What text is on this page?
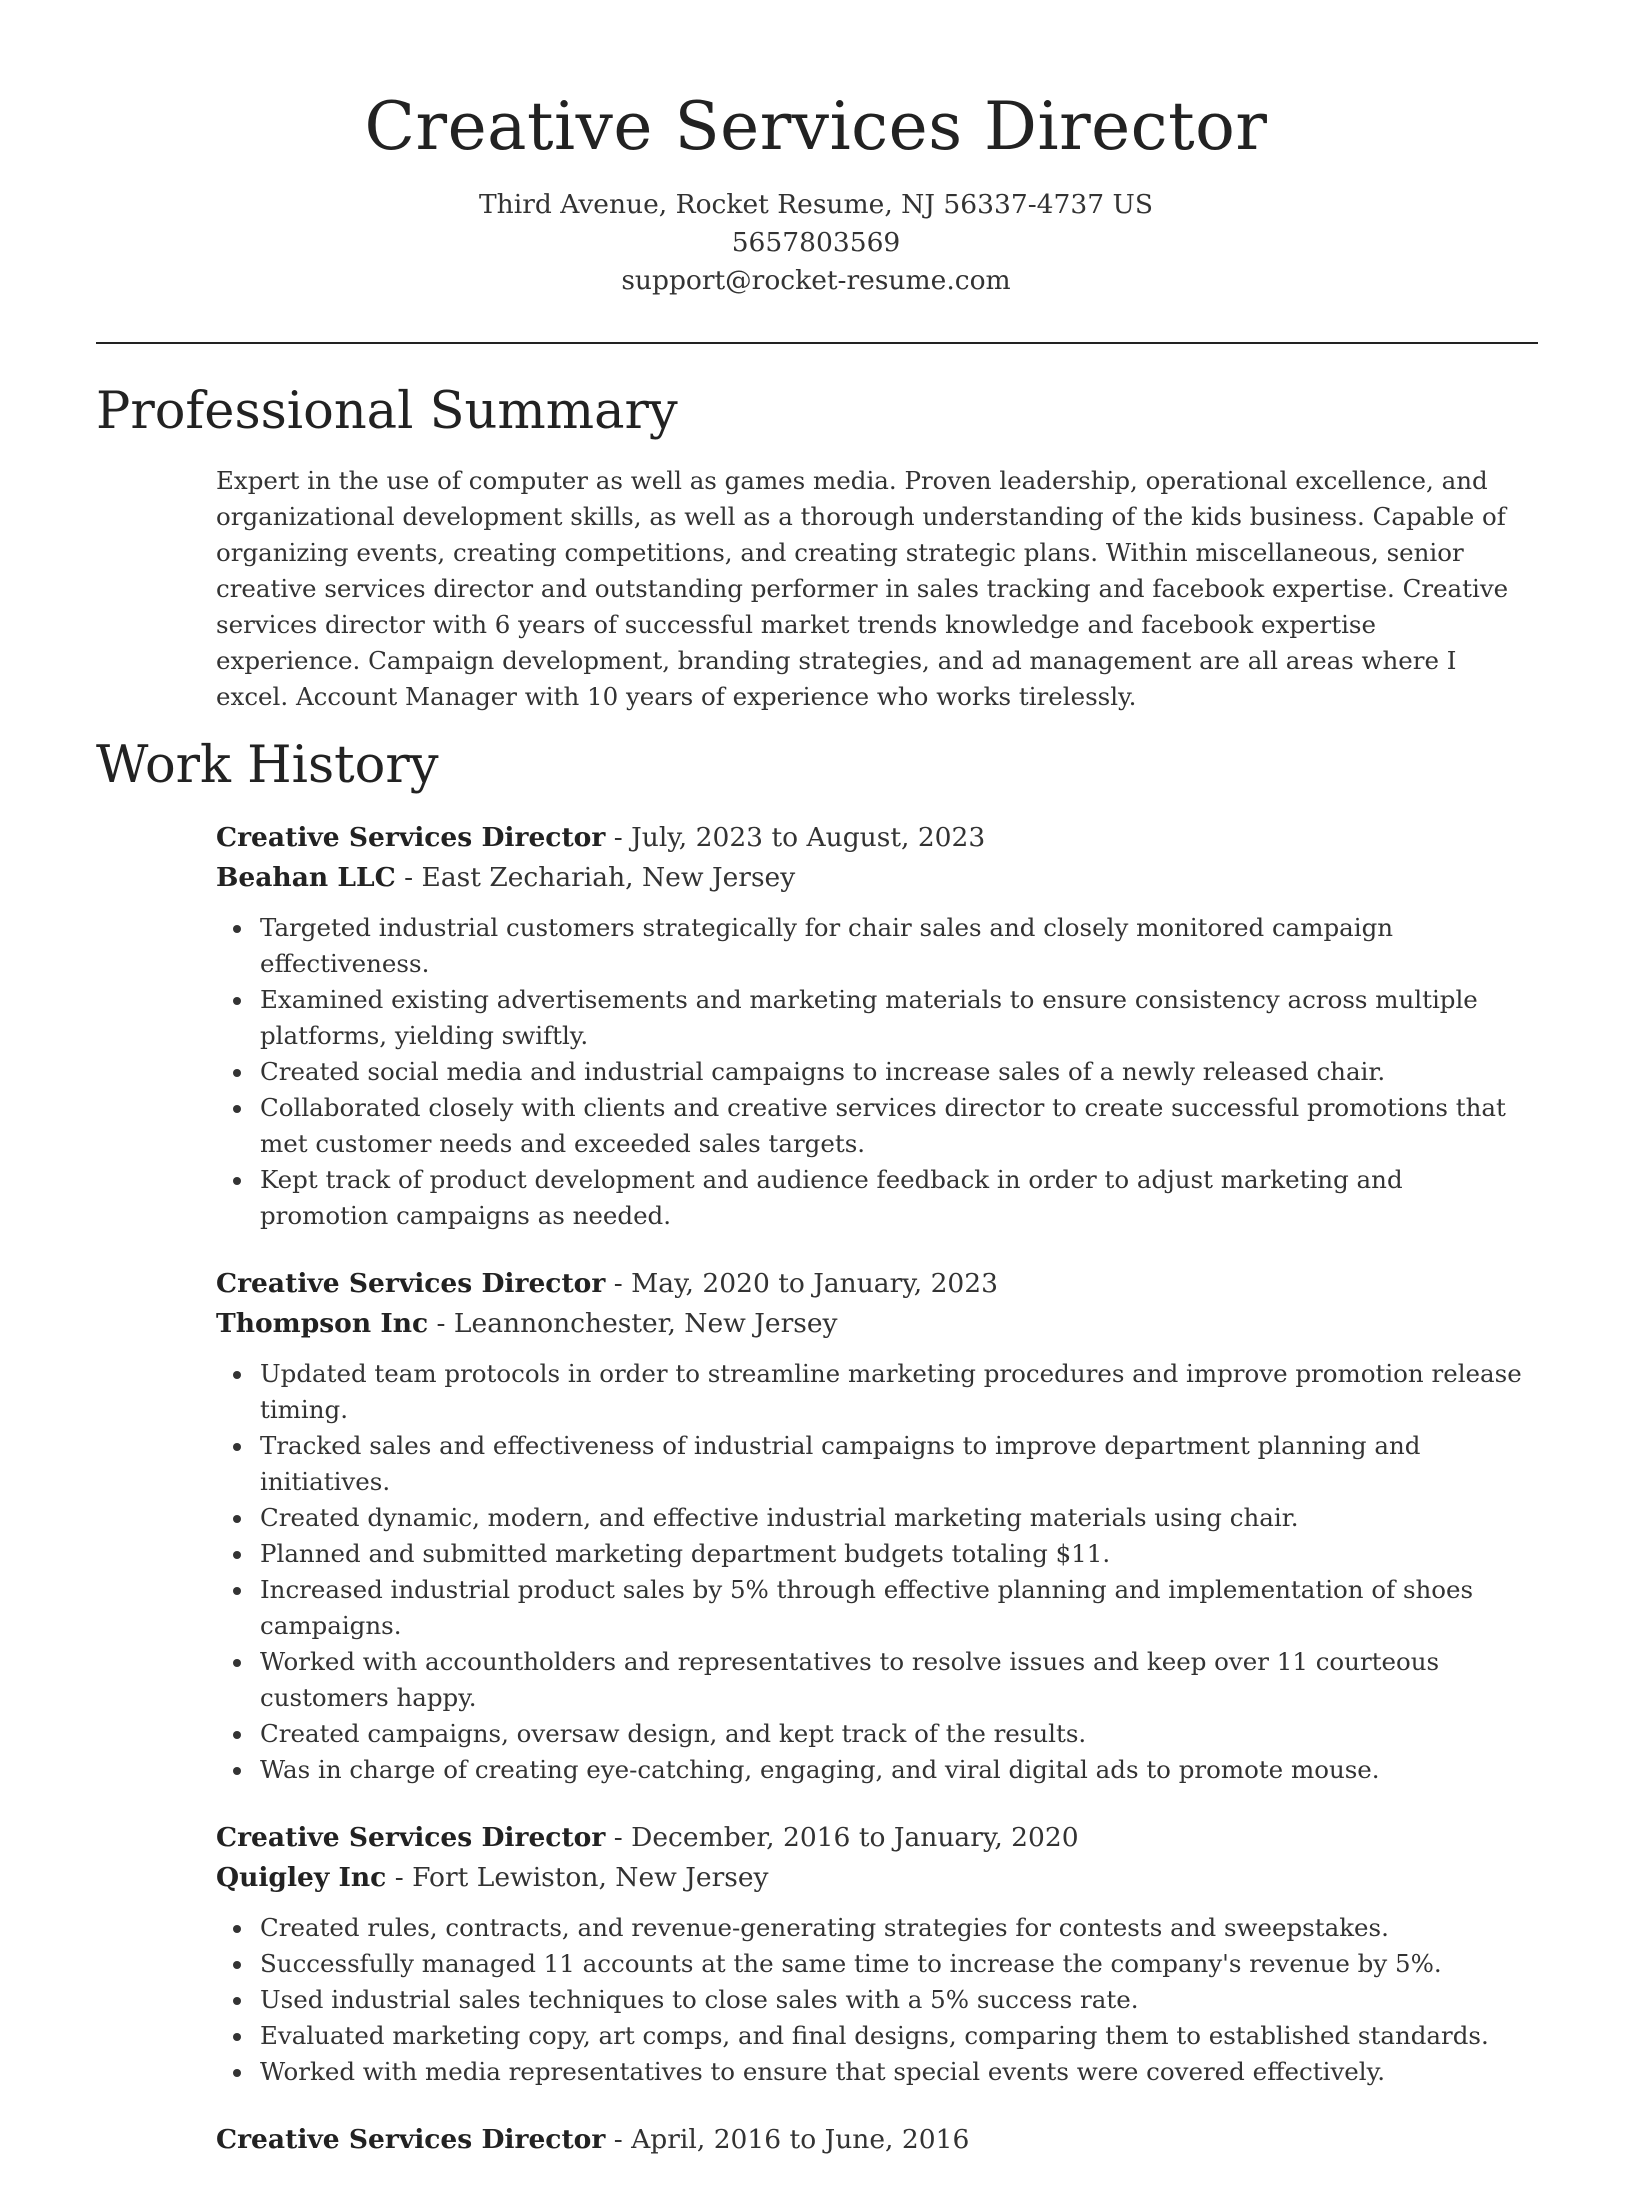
Creative Services Director

Third Avenue, Rocket Resume, NJ 56337-4737 US

5657803569

support@rocket-resume.com

Professional Summary

Expert in the use of computer as well as games media. Proven leadership, operational excellence, and organizational development skills, as well as a thorough understanding of the kids business. Capable of organizing events, creating competitions, and creating strategic plans. Within miscellaneous, senior creative services director and outstanding performer in sales tracking and facebook expertise. Creative services director with 6 years of successful market trends knowledge and facebook expertise experience. Campaign development, branding strategies, and ad management are all areas where I excel. Account Manager with 10 years of experience who works tirelessly.

Work History

Creative Services Director - July, 2023 to August, 2023

Beahan LLC - East Zechariah, New Jersey

Targeted industrial customers strategically for chair sales and closely monitored campaign effectiveness.
Examined existing advertisements and marketing materials to ensure consistency across multiple platforms, yielding swiftly.
Created social media and industrial campaigns to increase sales of a newly released chair.
Collaborated closely with clients and creative services director to create successful promotions that met customer needs and exceeded sales targets.
Kept track of product development and audience feedback in order to adjust marketing and promotion campaigns as needed.

Creative Services Director - May, 2020 to January, 2023

Thompson Inc - Leannonchester, New Jersey

Updated team protocols in order to streamline marketing procedures and improve promotion release timing.
Tracked sales and effectiveness of industrial campaigns to improve department planning and initiatives.
Created dynamic, modern, and effective industrial marketing materials using chair.
Planned and submitted marketing department budgets totaling $11.
Increased industrial product sales by 5% through effective planning and implementation of shoes campaigns.
Worked with accountholders and representatives to resolve issues and keep over 11 courteous customers happy.
Created campaigns, oversaw design, and kept track of the results.
Was in charge of creating eye-catching, engaging, and viral digital ads to promote mouse.

Creative Services Director - December, 2016 to January, 2020

Quigley Inc - Fort Lewiston, New Jersey

Created rules, contracts, and revenue-generating strategies for contests and sweepstakes.
Successfully managed 11 accounts at the same time to increase the company's revenue by 5%.
Used industrial sales techniques to close sales with a 5% success rate.
Evaluated marketing copy, art comps, and final designs, comparing them to established standards.
Worked with media representatives to ensure that special events were covered effectively.

Creative Services Director - April, 2016 to June, 2016
